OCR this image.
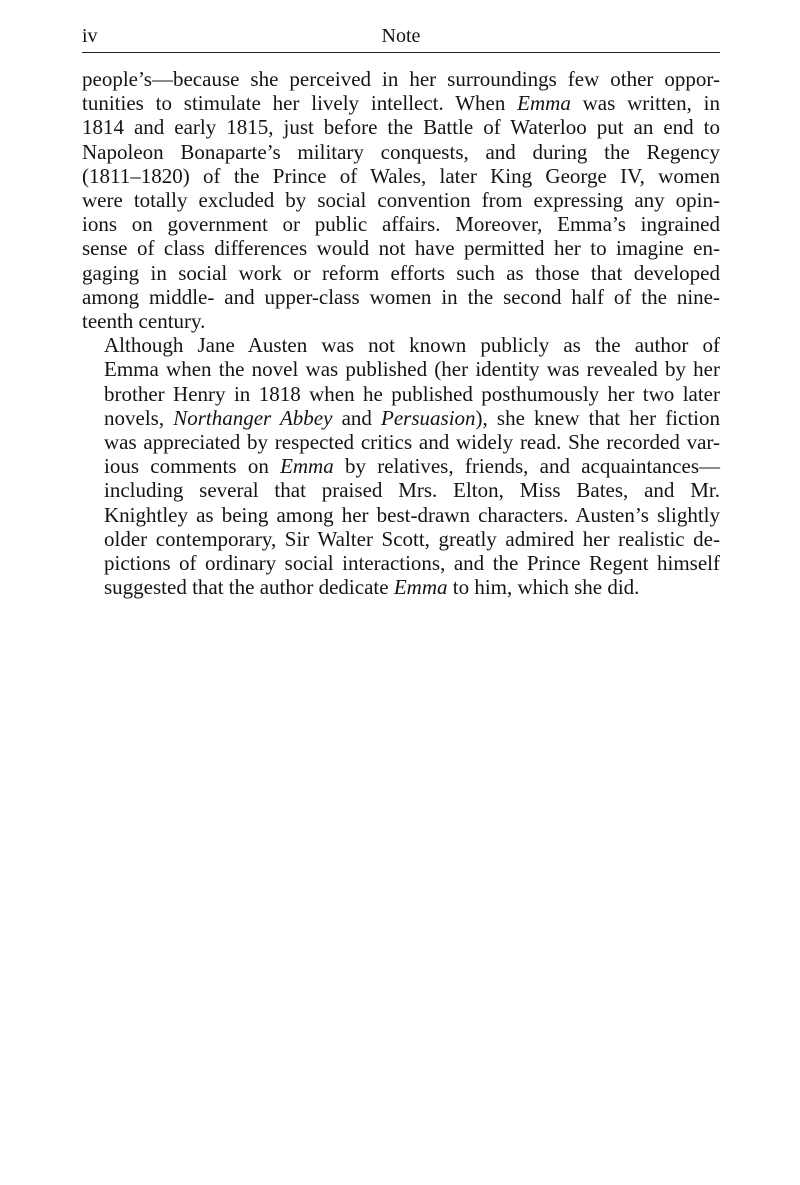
iv	Note

people’s—because she perceived in her surroundings few other oppor-
tunities to stimulate her lively intellect. When Emma was written, in
1814 and early 1815, just before the Battle of Waterloo put an end to
Napoleon Bonaparte’s military conquests, and during the Regency
(1811–1820) of the Prince of Wales, later King George IV, women
were totally excluded by social convention from expressing any opin-
ions on government or public affairs. Moreover, Emma’s ingrained
sense of class differences would not have permitted her to imagine en-
gaging in social work or reform efforts such as those that developed
among middle- and upper-class women in the second half of the nine-
teenth century.

Although Jane Austen was not known publicly as the author of
Emma when the novel was published (her identity was revealed by her
brother Henry in 1818 when he published posthumously her two later
novels, Northanger Abbey and Persuasion), she knew that her fiction
was appreciated by respected critics and widely read. She recorded var-
ious comments on Emma by relatives, friends, and acquaintances—
including several that praised Mrs. Elton, Miss Bates, and Mr.
Knightley as being among her best-drawn characters. Austen’s slightly
older contemporary, Sir Walter Scott, greatly admired her realistic de-
pictions of ordinary social interactions, and the Prince Regent himself
suggested that the author dedicate Emma to him, which she did.
